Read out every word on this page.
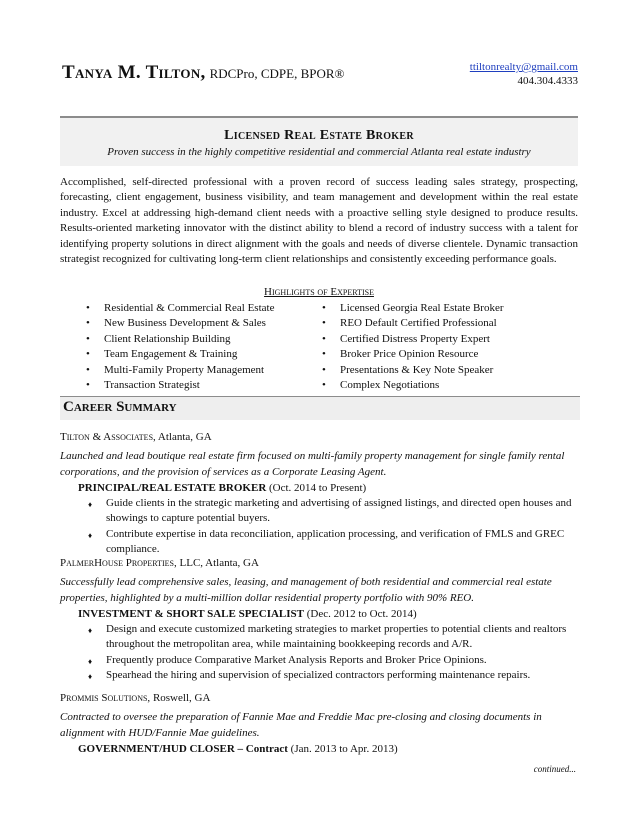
Tanya M. Tilton, RDCPro, CDPE, BPOR®	ttiltonrealty@gmail.com
404.304.4333
Licensed Real Estate Broker
Proven success in the highly competitive residential and commercial Atlanta real estate industry

Accomplished, self-directed professional with a proven record of success leading sales strategy, prospecting, forecasting, client engagement, business visibility, and team management and development within the real estate industry. Excel at addressing high-demand client needs with a proactive selling style designed to produce results. Results-oriented marketing innovator with the distinct ability to blend a record of industry success with a talent for identifying property solutions in direct alignment with the goals and needs of diverse clientele. Dynamic transaction strategist recognized for cultivating long-term client relationships and consistently exceeding performance goals.

Highlights of Expertise
• Residential & Commercial Real Estate
• New Business Development & Sales
• Client Relationship Building
• Team Engagement & Training
• Multi-Family Property Management
• Transaction Strategist
• Licensed Georgia Real Estate Broker
• REO Default Certified Professional
• Certified Distress Property Expert
• Broker Price Opinion Resource
• Presentations & Key Note Speaker
• Complex Negotiations
Career Summary
Tilton & Associates, Atlanta, GA
Launched and lead boutique real estate firm focused on multi-family property management for single family rental corporations, and the provision of services as a Corporate Leasing Agent.
PRINCIPAL/REAL ESTATE BROKER (Oct. 2014 to Present)
♦ Guide clients in the strategic marketing and advertising of assigned listings, and directed open houses and showings to capture potential buyers.
♦ Contribute expertise in data reconciliation, application processing, and verification of FMLS and GREC compliance.
PalmerHouse Properties, LLC, Atlanta, GA
Successfully lead comprehensive sales, leasing, and management of both residential and commercial real estate properties, highlighted by a multi-million dollar residential property portfolio with 90% REO.
INVESTMENT & SHORT SALE SPECIALIST (Dec. 2012 to Oct. 2014)
♦ Design and execute customized marketing strategies to market properties to potential clients and realtors throughout the metropolitan area, while maintaining bookkeeping records and A/R.
♦ Frequently produce Comparative Market Analysis Reports and Broker Price Opinions.
♦ Spearhead the hiring and supervision of specialized contractors performing maintenance repairs.
Prommis Solutions, Roswell, GA
Contracted to oversee the preparation of Fannie Mae and Freddie Mac pre-closing and closing documents in alignment with HUD/Fannie Mae guidelines.
GOVERNMENT/HUD CLOSER – Contract (Jan. 2013 to Apr. 2013)
continued...
